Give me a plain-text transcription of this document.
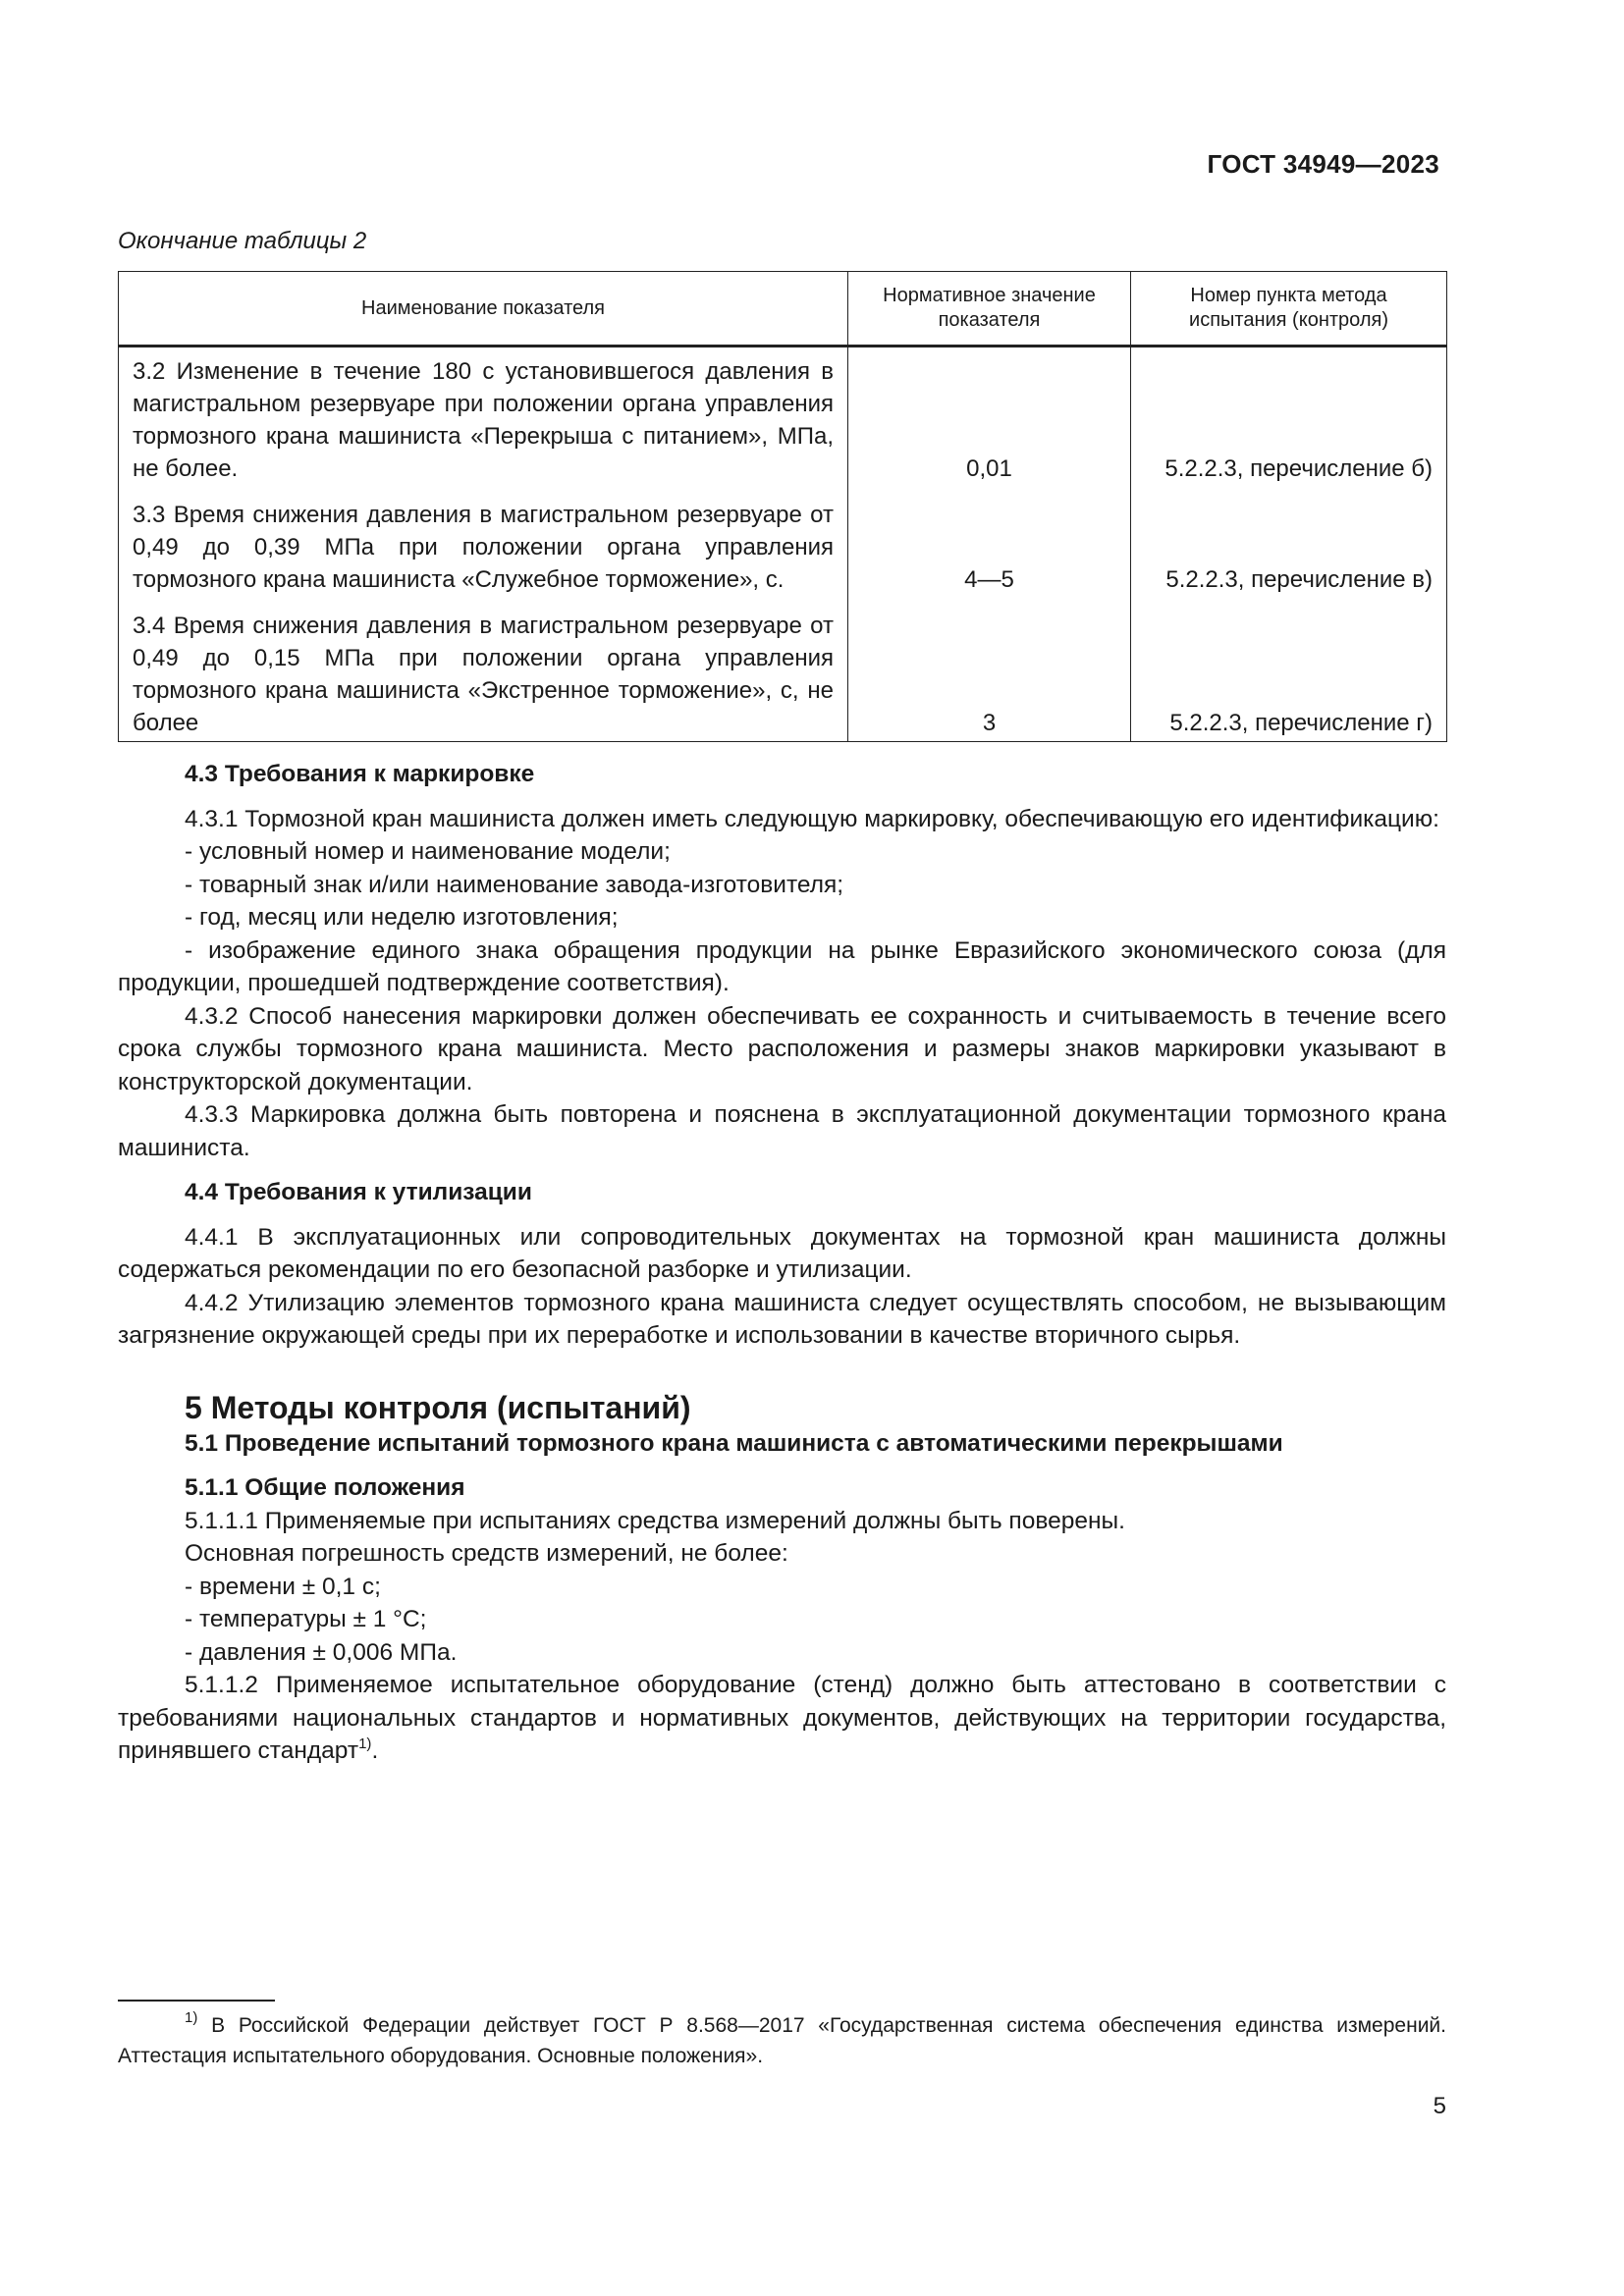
ГОСТ 34949—2023
Окончание таблицы 2
Наименование показателя	Нормативное значение показателя	Номер пункта метода испытания (контроля)
3.2 Изменение в течение 180 с установившегося давления в магистральном резервуаре при положении органа управления тормозного крана машиниста «Перекрыша с питанием», МПа, не более.	0,01	5.2.2.3, перечисление б)
3.3 Время снижения давления в магистральном резервуаре от 0,49 до 0,39 МПа при положении органа управления тормозного крана машиниста «Служебное торможение», с.	4—5	5.2.2.3, перечисление в)
3.4 Время снижения давления в магистральном резервуаре от 0,49 до 0,15 МПа при положении органа управления тормозного крана машиниста «Экстренное торможение», с, не более	3	5.2.2.3, перечисление г)

4.3 Требования к маркировке

4.3.1 Тормозной кран машиниста должен иметь следующую маркировку, обеспечивающую его идентификацию:

- условный номер и наименование модели;

- товарный знак и/или наименование завода-изготовителя;

- год, месяц или неделю изготовления;

- изображение единого знака обращения продукции на рынке Евразийского экономического союза (для продукции, прошедшей подтверждение соответствия).

4.3.2 Способ нанесения маркировки должен обеспечивать ее сохранность и считываемость в течение всего срока службы тормозного крана машиниста. Место расположения и размеры знаков маркировки указывают в конструкторской документации.

4.3.3 Маркировка должна быть повторена и пояснена в эксплуатационной документации тормозного крана машиниста.

4.4 Требования к утилизации

4.4.1 В эксплуатационных или сопроводительных документах на тормозной кран машиниста должны содержаться рекомендации по его безопасной разборке и утилизации.

4.4.2 Утилизацию элементов тормозного крана машиниста следует осуществлять способом, не вызывающим загрязнение окружающей среды при их переработке и использовании в качестве вторичного сырья.

5 Методы контроля (испытаний)

5.1 Проведение испытаний тормозного крана машиниста с автоматическими перекрышами

5.1.1 Общие положения

5.1.1.1 Применяемые при испытаниях средства измерений должны быть поверены.

Основная погрешность средств измерений, не более:

- времени ± 0,1 с;

- температуры ± 1 °С;

- давления ± 0,006 МПа.

5.1.1.2 Применяемое испытательное оборудование (стенд) должно быть аттестовано в соответствии с требованиями национальных стандартов и нормативных документов, действующих на территории государства, принявшего стандарт$^{1)}$.

$^{1)}$ В Российской Федерации действует ГОСТ Р 8.568—2017 «Государственная система обеспечения единства измерений. Аттестация испытательного оборудования. Основные положения».
5
